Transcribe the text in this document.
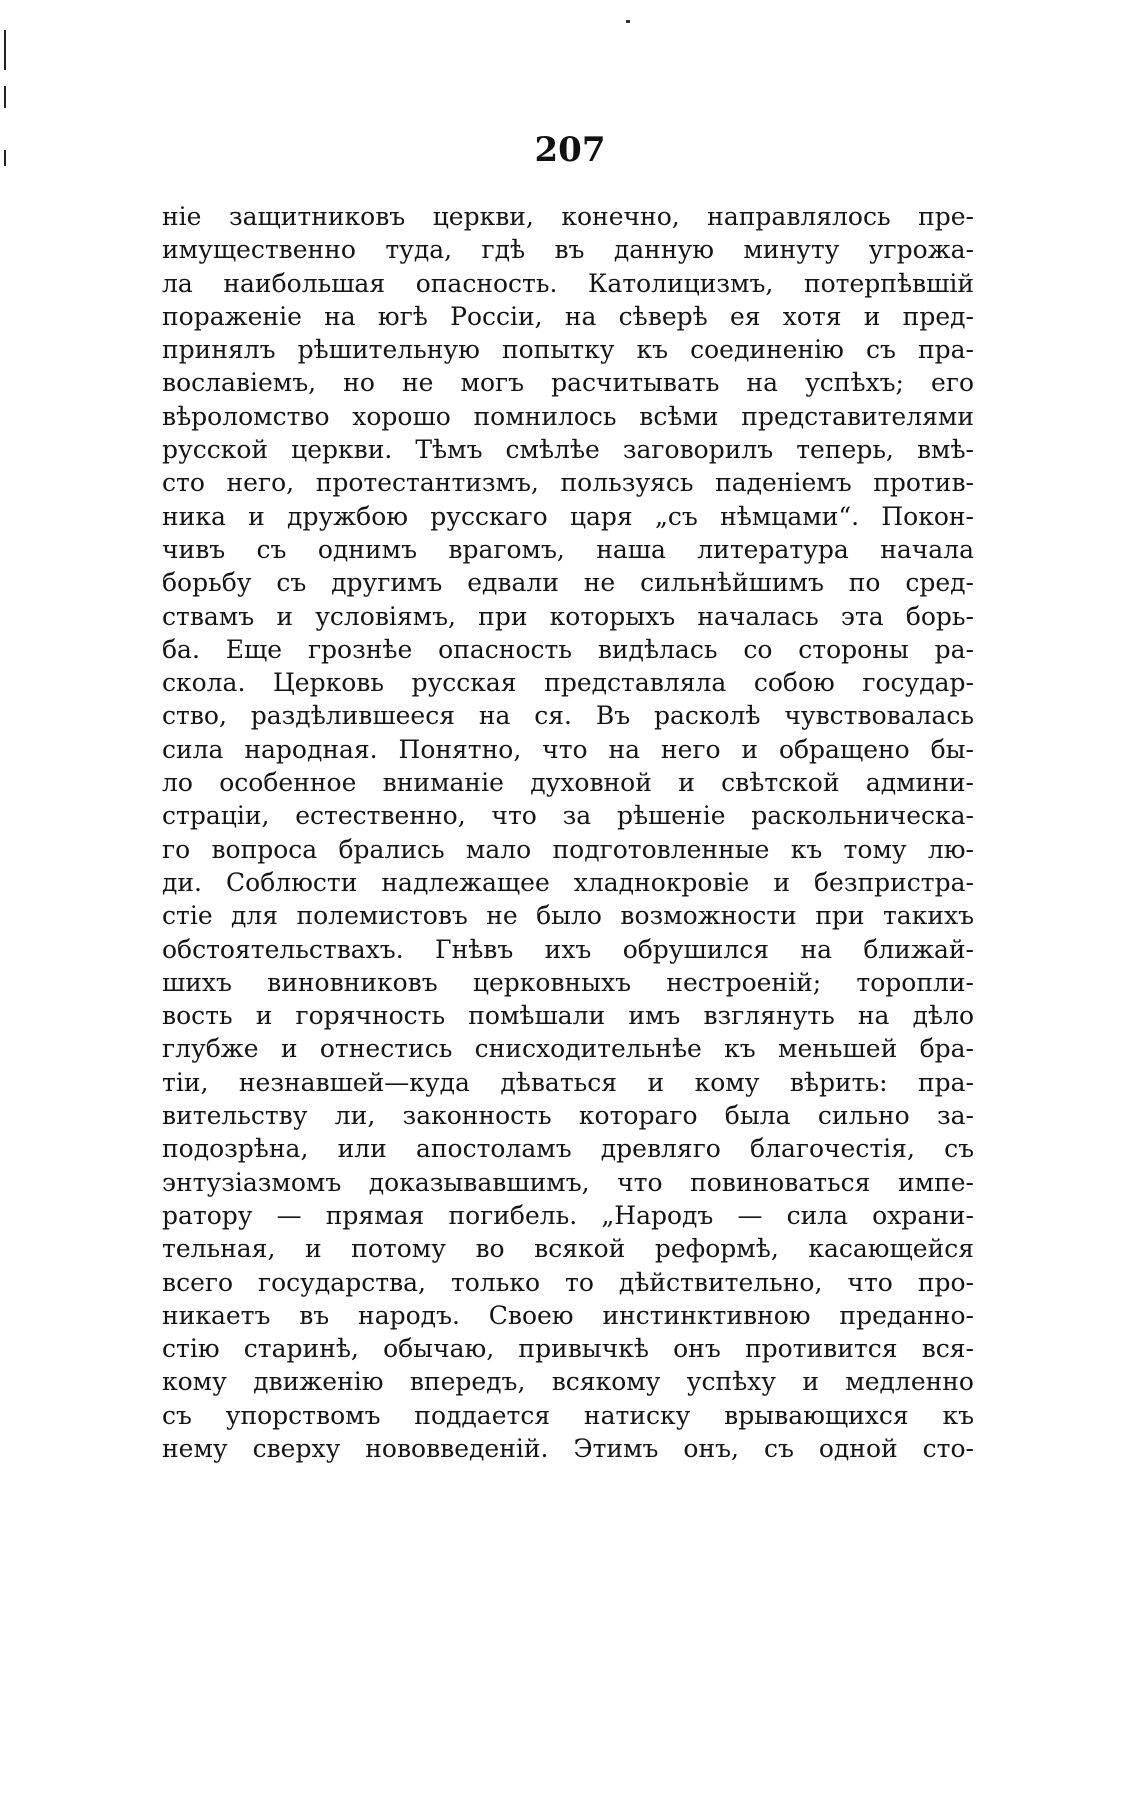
207
ніе защитниковъ церкви, конечно, направлялось пре-
имущественно туда, гдѣ въ данную минуту угрожа-
ла наибольшая опасность. Католицизмъ, потерпѣвшій
пораженіе на югѣ Россіи, на сѣверѣ ея хотя и пред-
принялъ рѣшительную попытку къ соединенію съ пра-
вославіемъ, но не могъ расчитывать на успѣхъ; его
вѣроломство хорошо помнилось всѣми представителями
русской церкви. Тѣмъ смѣлѣе заговорилъ теперь, вмѣ-
сто него, протестантизмъ, пользуясь паденіемъ против-
ника и дружбою русскаго царя „съ нѣмцами“. Покон-
чивъ съ однимъ врагомъ, наша литература начала
борьбу съ другимъ едвали не сильнѣйшимъ по сред-
ствамъ и условіямъ, при которыхъ началась эта борь-
ба. Еще грознѣе опасность видѣлась со стороны ра-
скола. Церковь русская представляла собою государ-
ство, раздѣлившееся на ся. Въ расколѣ чувствовалась
сила народная. Понятно, что на него и обращено бы-
ло особенное вниманіе духовной и свѣтской админи-
страціи, естественно, что за рѣшеніе раскольническа-
го вопроса брались мало подготовленные къ тому лю-
ди. Соблюсти надлежащее хладнокровіе и безпристра-
стіе для полемистовъ не было возможности при такихъ
обстоятельствахъ. Гнѣвъ ихъ обрушился на ближай-
шихъ виновниковъ церковныхъ нестроеній; торопли-
вость и горячность помѣшали имъ взглянуть на дѣло
глубже и отнестись снисходительнѣе къ меньшей бра-
тіи, незнавшей—куда дѣваться и кому вѣрить: пра-
вительству ли, законность котораго была сильно за-
подозрѣна, или апостоламъ древляго благочестія, съ
энтузіазмомъ доказывавшимъ, что повиноваться импе-
ратору — прямая погибель. „Народъ — сила охрани-
тельная, и потому во всякой реформѣ, касающейся
всего государства, только то дѣйствительно, что про-
никаетъ въ народъ. Своею инстинктивною преданно-
стію старинѣ, обычаю, привычкѣ онъ противится вся-
кому движенію впередъ, всякому успѣху и медленно
съ упорствомъ поддается натиску врывающихся къ
нему сверху нововведеній. Этимъ онъ, съ одной сто-
